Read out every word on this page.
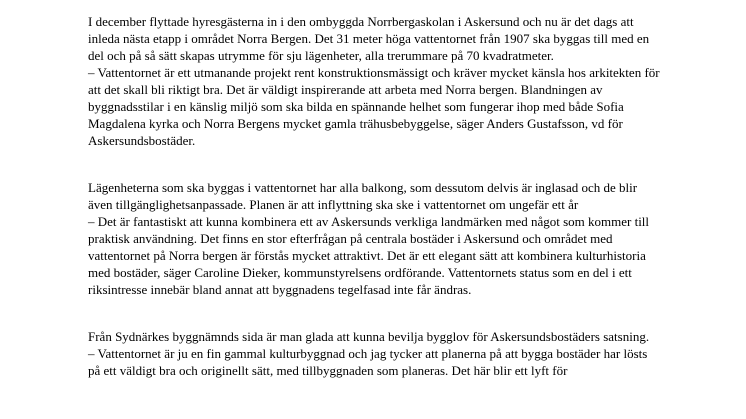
I december flyttade hyresgästerna in i den ombyggda Norrbergaskolan i Askersund och nu är det dags att inleda nästa etapp i området Norra Bergen. Det 31 meter höga vattentornet från 1907 ska byggas till med en del och på så sätt skapas utrymme för sju lägenheter, alla trerummare på 70 kvadratmeter.

– Vattentornet är ett utmanande projekt rent konstruktionsmässigt och kräver mycket känsla hos arkitekten för att det skall bli riktigt bra. Det är väldigt inspirerande att arbeta med Norra bergen. Blandningen av byggnadsstilar i en känslig miljö som ska bilda en spännande helhet som fungerar ihop med både Sofia Magdalena kyrka och Norra Bergens mycket gamla trähusbebyggelse, säger Anders Gustafsson, vd för Askersundsbostäder.

Lägenheterna som ska byggas i vattentornet har alla balkong, som dessutom delvis är inglasad och de blir även tillgänglighetsanpassade. Planen är att inflyttning ska ske i vattentornet om ungefär ett år

– Det är fantastiskt att kunna kombinera ett av Askersunds verkliga landmärken med något som kommer till praktisk användning. Det finns en stor efterfrågan på centrala bostäder i Askersund och området med vattentornet på Norra bergen är förstås mycket attraktivt. Det är ett elegant sätt att kombinera kulturhistoria med bostäder, säger Caroline Dieker, kommunstyrelsens ordförande. Vattentornets status som en del i ett riksintresse innebär bland annat att byggnadens tegelfasad inte får ändras.

Från Sydnärkes byggnämnds sida är man glada att kunna bevilja bygglov för Askersundsbostäders satsning.

– Vattentornet är ju en fin gammal kulturbyggnad och jag tycker att planerna på att bygga bostäder har lösts på ett väldigt bra och originellt sätt, med tillbyggnaden som planeras. Det här blir ett lyft för
